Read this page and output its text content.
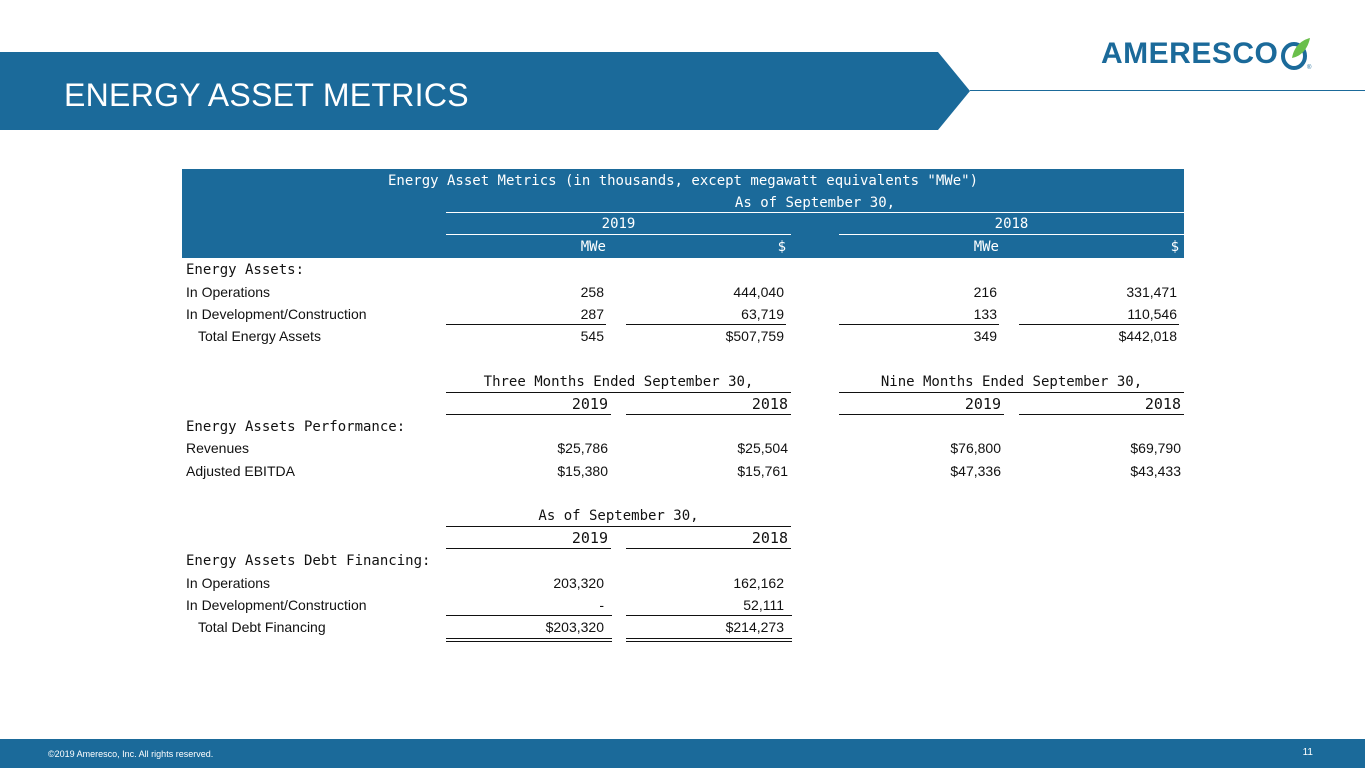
ENERGY ASSET METRICS
AMERESCO	®
Energy Asset Metrics (in thousands, except megawatt equivalents "MWe")
As of September 30,
2019	2018
MWe	$	MWe	$
Energy Assets:
In Operations	258	444,040	216	331,471
In Development/Construction	287	63,719	133	110,546
Total Energy Assets	545	$507,759	349	$442,018
Three Months Ended September 30,	Nine Months Ended September 30,
2019	2018	2019	2018
Energy Assets Performance:
Revenues	$25,786	$25,504	$76,800	$69,790
Adjusted EBITDA	$15,380	$15,761	$47,336	$43,433
As of September 30,
2019	2018
Energy Assets Debt Financing:
In Operations	203,320	162,162
In Development/Construction	-	52,111
Total Debt Financing	$203,320	$214,273
©2019 Ameresco, Inc. All rights reserved.	11
